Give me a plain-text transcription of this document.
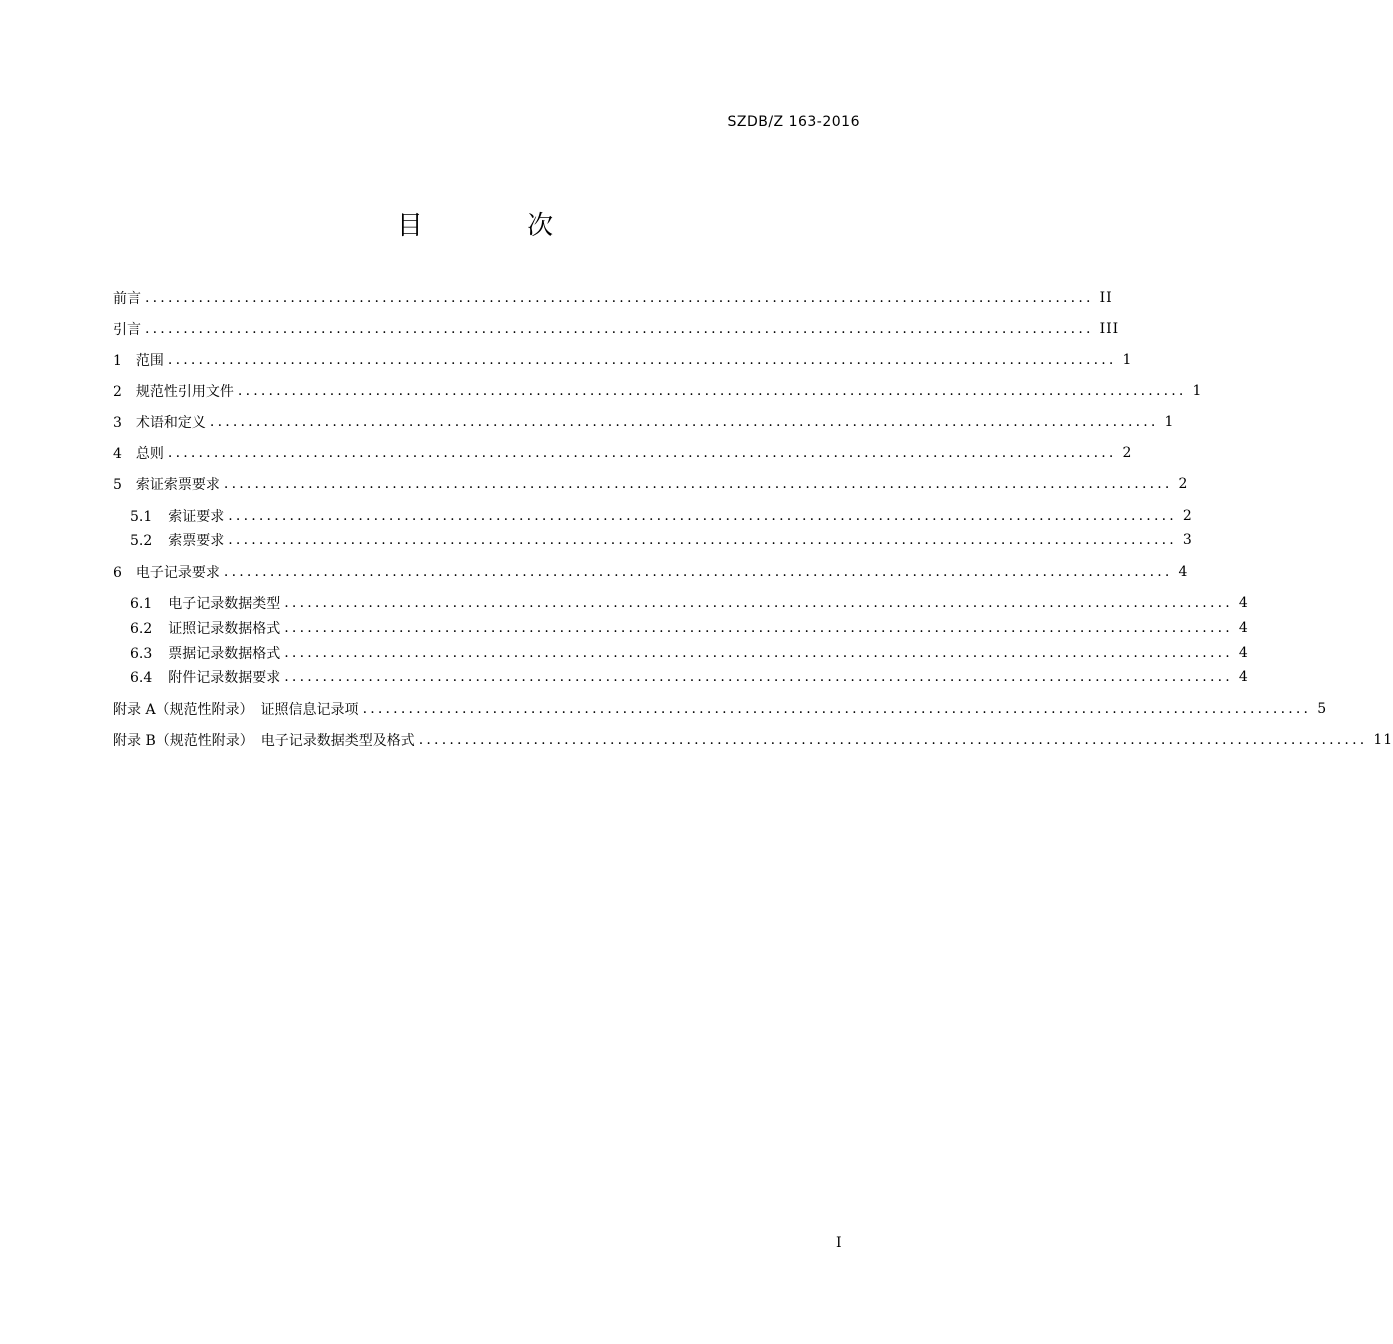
SZDB/Z 163-2016
目 次
前言 ............................................................................................................................ II
引言 ............................................................................................................................ III
1 范围 ............................................................................................................................ 1
2 规范性引用文件 ............................................................................................................................ 1
3 术语和定义 ............................................................................................................................ 1
4 总则 ............................................................................................................................ 2
5 索证索票要求 ............................................................................................................................ 2
5.1 索证要求 ............................................................................................................................ 2
5.2 索票要求 ............................................................................................................................ 3
6 电子记录要求 ............................................................................................................................ 4
6.1 电子记录数据类型 ............................................................................................................................ 4
6.2 证照记录数据格式 ............................................................................................................................ 4
6.3 票据记录数据格式 ............................................................................................................................ 4
6.4 附件记录数据要求 ............................................................................................................................ 4
附录 A（规范性附录）　证照信息记录项 ............................................................................................................................ 5
附录 B（规范性附录）　电子记录数据类型及格式 ............................................................................................................................ 11
I
